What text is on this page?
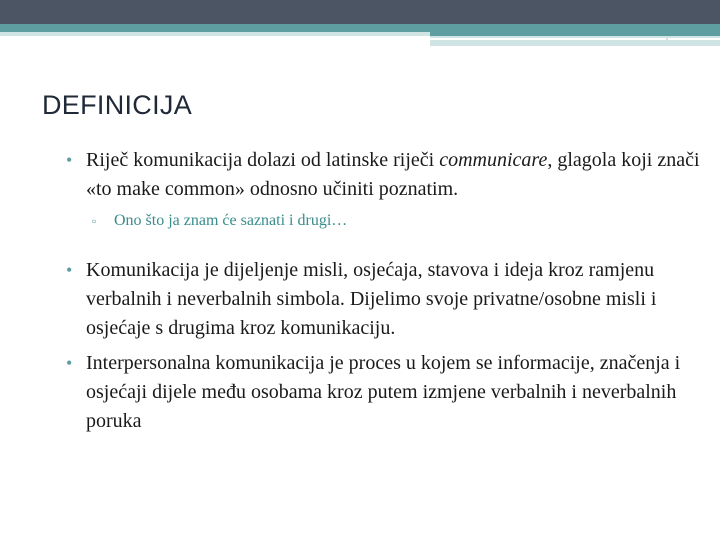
DEFINICIJA
• Riječ komunikacija dolazi od latinske riječi communicare, glagola koji znači «to make common» odnosno učiniti poznatim.
▫ Ono što ja znam će saznati i drugi…
• Komunikacija je dijeljenje misli, osjećaja, stavova i ideja kroz ramjenu verbalnih i neverbalnih simbola. Dijelimo svoje privatne/osobne misli i osjećaje s drugima kroz komunikaciju.
• Interpersonalna komunikacija je proces u kojem se informacije, značenja i osjećaji dijele među osobama kroz putem izmjene verbalnih i neverbalnih poruka
